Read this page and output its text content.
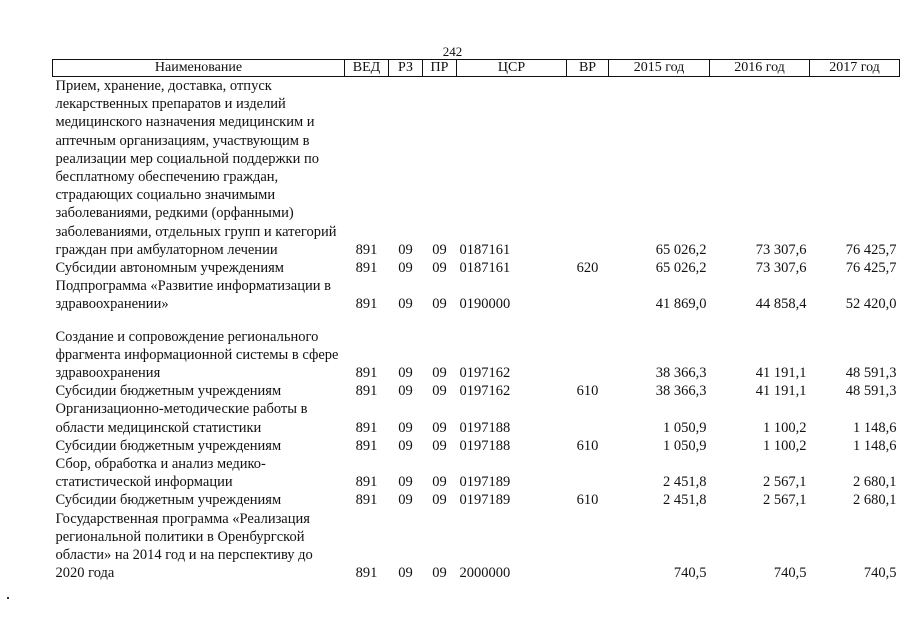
242
Наименование	ВЕД	РЗ	ПР	ЦСР	ВР	2015 год	2016 год	2017 год
Прием, хранение, доставка, отпуск лекарственных препаратов и изделий медицинского назначения медицинским и аптечным организациям, участвующим в реализации мер социальной поддержки по бесплатному обеспечению граждан, страдающих социально значимыми заболеваниями, редкими (орфанными) заболеваниями, отдельных групп и категорий граждан при амбулаторном лечении	891	09	09	0187161		65 026,2	73 307,6	76 425,7
Субсидии автономным учреждениям	891	09	09	0187161	620	65 026,2	73 307,6	76 425,7
Подпрограмма «Развитие информатизации в здравоохранении»	891	09	09	0190000		41 869,0	44 858,4	52 420,0
Создание и сопровождение регионального фрагмента информационной системы в сфере здравоохранения	891	09	09	0197162		38 366,3	41 191,1	48 591,3
Субсидии бюджетным учреждениям	891	09	09	0197162	610	38 366,3	41 191,1	48 591,3
Организационно-методические работы в области медицинской статистики	891	09	09	0197188		1 050,9	1 100,2	1 148,6
Субсидии бюджетным учреждениям	891	09	09	0197188	610	1 050,9	1 100,2	1 148,6
Сбор, обработка и анализ медико-статистической информации	891	09	09	0197189		2 451,8	2 567,1	2 680,1
Субсидии бюджетным учреждениям	891	09	09	0197189	610	2 451,8	2 567,1	2 680,1
Государственная программа «Реализация региональной политики в Оренбургской области» на 2014 год и на перспективу до 2020 года	891	09	09	2000000		740,5	740,5	740,5
